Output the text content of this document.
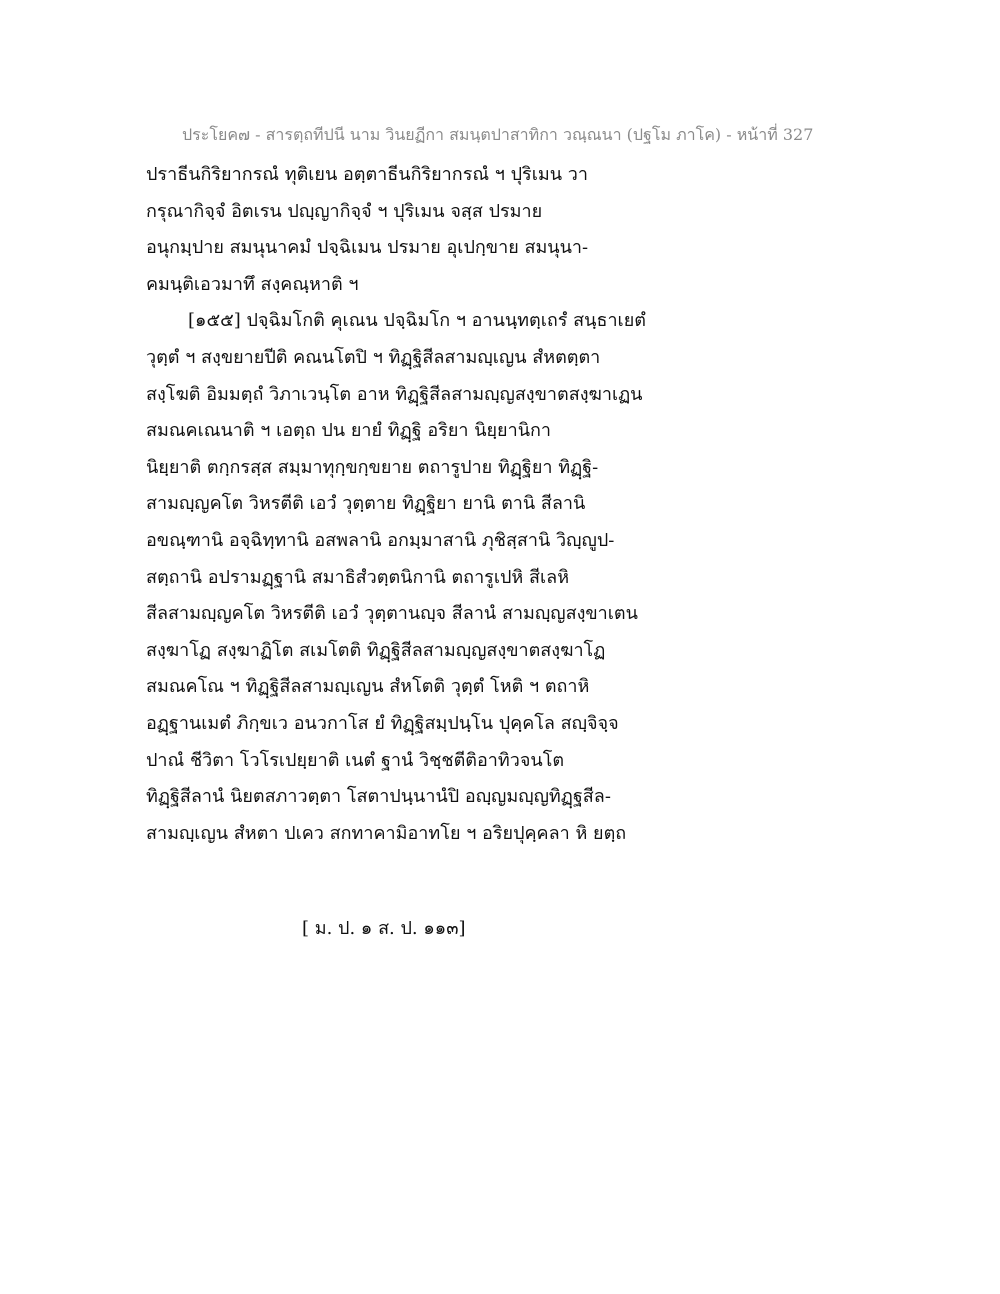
ประโยค๗ - สารตฺถทีปนี นาม วินยฏีกา สมนฺตปาสาทิกา วณฺณนา (ปฐโม ภาโค) - หน้าที่ 327
ปราธีนกิริยากรณํ ทุติเยน อตฺตาธีนกิริยากรณํ ฯ ปุริเมน วา
กรุณากิจฺจํ อิตเรน ปญฺญากิจฺจํ ฯ ปุริเมน จสฺส ปรมาย
อนุกมฺปาย สมนุนาคมํ ปจฺฉิเมน ปรมาย อุเปกฺขาย สมนุนา-
คมนฺติเอวมาทึ สงฺคณฺหาติ ฯ
[๑๕๕] ปจฺฉิมโกติ คุเณน ปจฺฉิมโก ฯ อานนฺทตฺเถรํ สนฺธาเยตํ
วุตฺตํ ฯ สงฺขยายปีติ คณนโตปิ ฯ ทิฏฺฐิสีลสามญฺเญน สํหตตฺตา
สงฺโฆติ อิมมตฺถํ วิภาเวนฺโต อาห ทิฏฺฐิสีลสามญฺญสงฺขาตสงฺฆาเฏน
สมณคเณนาติ ฯ เอตฺถ ปน ยายํ ทิฏฺฐิ อริยา นิยฺยานิกา
นิยฺยาติ ตกฺกรสฺส สมฺมาทุกฺขกฺขยาย ตถารูปาย ทิฏฺฐิยา ทิฏฺฐิ-
สามญฺญคโต วิหรตีติ เอวํ วุตฺตาย ทิฏฺฐิยา ยานิ ตานิ สีลานิ
อขณฺฑานิ อจฺฉิทฺทานิ อสพลานิ อกมฺมาสานิ ภุชิสฺสานิ วิญฺญูป-
สตฺถานิ อปรามฏฺฐานิ สมาธิสํวตฺตนิกานิ ตถารูเปหิ สีเลหิ
สีลสามญฺญคโต วิหรตีติ เอวํ วุตฺตานญฺจ สีลานํ สามญฺญสงฺขาเตน
สงฺฆาโฏ สงฺฆาฏิโต สเมโตติ ทิฏฺฐิสีลสามญฺญสงฺขาตสงฺฆาโฏ
สมณคโณ ฯ ทิฏฺฐิสีลสามญฺเญน สํหโตติ วุตฺตํ โหติ ฯ ตถาหิ
อฏฺฐานเมตํ ภิกฺขเว อนวกาโส ยํ ทิฏฺฐิสมฺปนฺโน ปุคฺคโล สญฺจิจฺจ
ปาณํ ชีวิตา โวโรเปยฺยาติ เนตํ ฐานํ วิชฺชตีติอาทิวจนโต
ทิฏฺฐิสีลานํ นิยตสภาวตฺตา โสตาปนฺนานํปิ อญฺญมญฺญทิฏฺฐสีล-
สามญฺเญน สํหตา ปเคว สกทาคามิอาทโย ฯ อริยปุคฺคลา หิ ยตฺถ
[ ม. ป. ๑ ส. ป. ๑๑๓]
